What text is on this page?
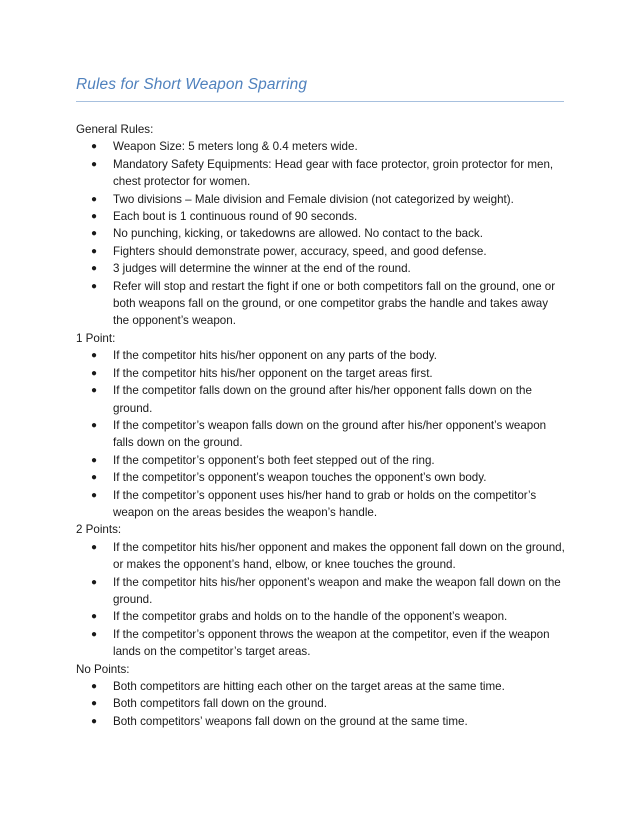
Rules for Short Weapon Sparring
General Rules:
● Weapon Size: 5 meters long & 0.4 meters wide.
● Mandatory Safety Equipments: Head gear with face protector, groin protector for men, chest protector for women.
● Two divisions – Male division and Female division (not categorized by weight).
● Each bout is 1 continuous round of 90 seconds.
● No punching, kicking, or takedowns are allowed. No contact to the back.
● Fighters should demonstrate power, accuracy, speed, and good defense.
● 3 judges will determine the winner at the end of the round.
● Refer will stop and restart the fight if one or both competitors fall on the ground, one or both weapons fall on the ground, or one competitor grabs the handle and takes away the opponent’s weapon.
1 Point:
● If the competitor hits his/her opponent on any parts of the body.
● If the competitor hits his/her opponent on the target areas first.
● If the competitor falls down on the ground after his/her opponent falls down on the ground.
● If the competitor’s weapon falls down on the ground after his/her opponent’s weapon falls down on the ground.
● If the competitor’s opponent’s both feet stepped out of the ring.
● If the competitor’s opponent’s weapon touches the opponent’s own body.
● If the competitor’s opponent uses his/her hand to grab or holds on the competitor’s weapon on the areas besides the weapon’s handle.
2 Points:
● If the competitor hits his/her opponent and makes the opponent fall down on the ground, or makes the opponent’s hand, elbow, or knee touches the ground.
● If the competitor hits his/her opponent’s weapon and make the weapon fall down on the ground.
● If the competitor grabs and holds on to the handle of the opponent’s weapon.
● If the competitor’s opponent throws the weapon at the competitor, even if the weapon lands on the competitor’s target areas.
No Points:
● Both competitors are hitting each other on the target areas at the same time.
● Both competitors fall down on the ground.
● Both competitors’ weapons fall down on the ground at the same time.
